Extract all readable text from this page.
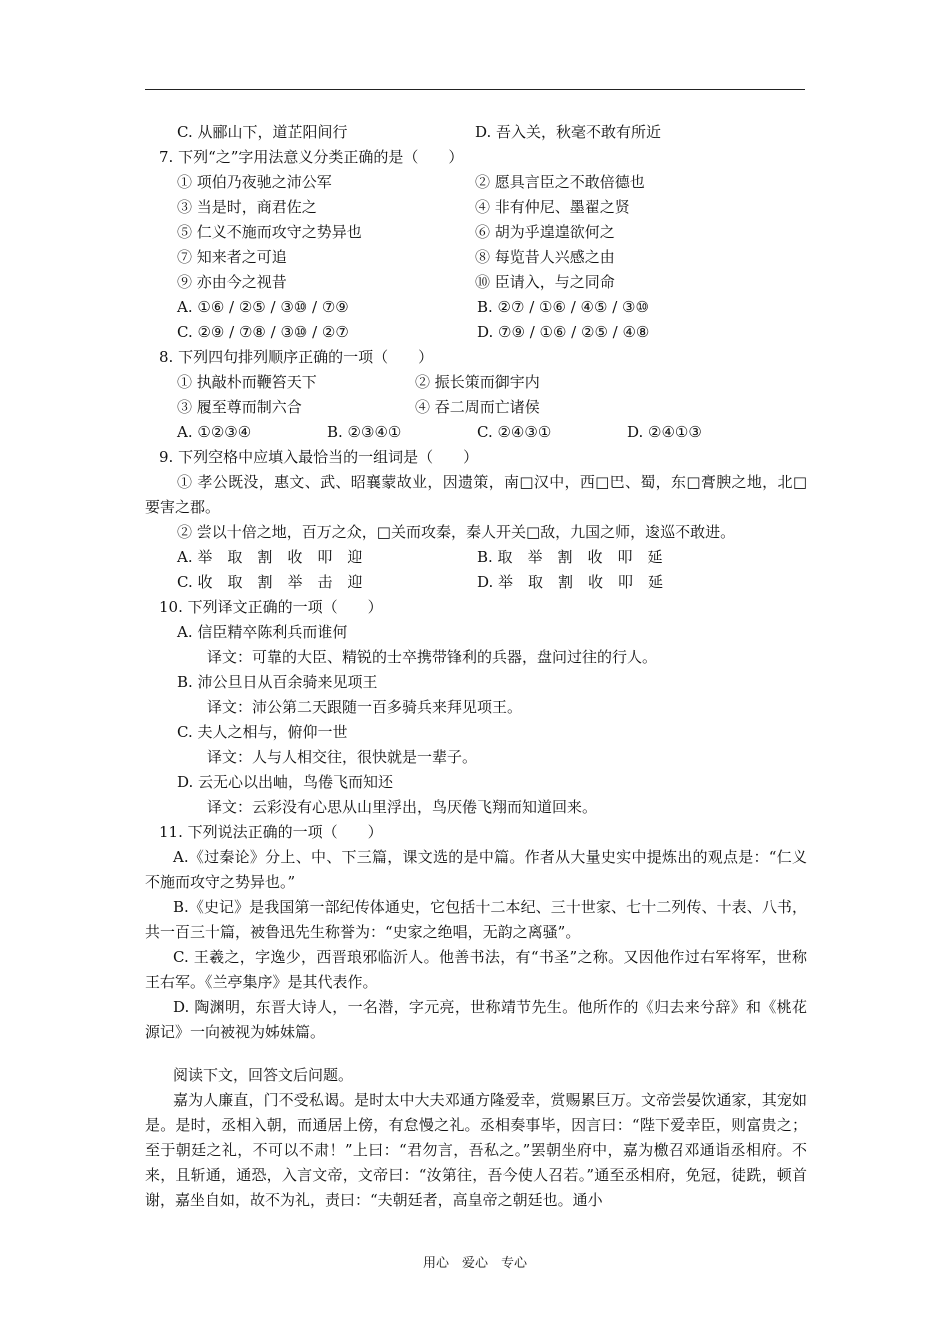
C. 从郦山下，道芷阳间行	D. 吾入关，秋毫不敢有所近
7. 下列“之”字用法意义分类正确的是（　　）
① 项伯乃夜驰之沛公军	② 愿具言臣之不敢倍德也
③ 当是时，商君佐之	④ 非有仲尼、墨翟之贤
⑤ 仁义不施而攻守之势异也	⑥ 胡为乎遑遑欲何之
⑦ 知来者之可追	⑧ 每览昔人兴感之由
⑨ 亦由今之视昔	⑩ 臣请入，与之同命
A. ①⑥ / ②⑤ / ③⑩ / ⑦⑨	B. ②⑦ / ①⑥ / ④⑤ / ③⑩
C. ②⑨ / ⑦⑧ / ③⑩ / ②⑦	D. ⑦⑨ / ①⑥ / ②⑤ / ④⑧
8. 下列四句排列顺序正确的一项（　　）
① 执敲朴而鞭笞天下	② 振长策而御宇内
③ 履至尊而制六合	④ 吞二周而亡诸侯
A. ①②③④	B. ②③④①	C. ②④③①	D. ②④①③
9. 下列空格中应填入最恰当的一组词是（　　）
① 孝公既没，惠文、武、昭襄蒙故业，因遗策，南□汉中，西□巴、蜀，东□膏腴之地，北□要害之郡。
② 尝以十倍之地，百万之众，□关而攻秦，秦人开关□敌，九国之师，逡巡不敢进。
A. 举　取　割　收　叩　迎	B. 取　举　割　收　叩　延
C. 收　取　割　举　击　迎	D. 举　取　割　收　叩　延
10. 下列译文正确的一项（　　）
A. 信臣精卒陈利兵而谁何
译文：可靠的大臣、精锐的士卒携带锋利的兵器，盘问过往的行人。
B. 沛公旦日从百余骑来见项王
译文：沛公第二天跟随一百多骑兵来拜见项王。
C. 夫人之相与，俯仰一世
译文：人与人相交往，很快就是一辈子。
D. 云无心以出岫，鸟倦飞而知还
译文：云彩没有心思从山里浮出，鸟厌倦飞翔而知道回来。
11. 下列说法正确的一项（　　）
A.《过秦论》分上、中、下三篇，课文选的是中篇。作者从大量史实中提炼出的观点是：“仁义不施而攻守之势异也。”
B.《史记》是我国第一部纪传体通史，它包括十二本纪、三十世家、七十二列传、十表、八书，共一百三十篇，被鲁迅先生称誉为：“史家之绝唱，无韵之离骚”。
C. 王羲之，字逸少，西晋琅邪临沂人。他善书法，有“书圣”之称。又因他作过右军将军，世称王右军。《兰亭集序》是其代表作。
D. 陶渊明，东晋大诗人，一名潜，字元亮，世称靖节先生。他所作的《归去来兮辞》和《桃花源记》一向被视为姊妹篇。
阅读下文，回答文后问题。
嘉为人廉直，门不受私谒。是时太中大夫邓通方隆爱幸，赏赐累巨万。文帝尝晏饮通家，其宠如是。是时，丞相入朝，而通居上傍，有怠慢之礼。丞相奏事毕，因言曰：“陛下爱幸臣，则富贵之；至于朝廷之礼，不可以不肃！”上曰：“君勿言，吾私之。”罢朝坐府中，嘉为檄召邓通诣丞相府。不来，且斩通，通恐，入言文帝，文帝曰：“汝第往，吾今使人召若。”通至丞相府，免冠，徒跣，顿首谢，嘉坐自如，故不为礼，责曰：“夫朝廷者，高皇帝之朝廷也。通小
用心　爱心　专心
